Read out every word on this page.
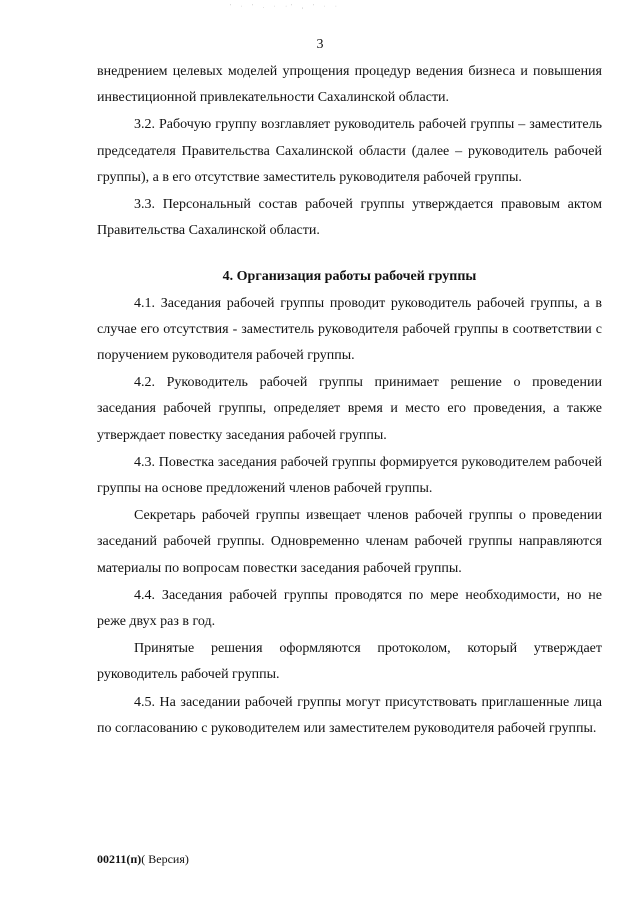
' · ' . · ·' , ' · ·
3

внедрением целевых моделей упрощения процедур ведения бизнеса и повышения инвестиционной привлекательности Сахалинской области.

3.2. Рабочую группу возглавляет руководитель рабочей группы – заместитель председателя Правительства Сахалинской области (далее – руководитель рабочей группы), а в его отсутствие заместитель руководителя рабочей группы.

3.3. Персональный состав рабочей группы утверждается правовым актом Правительства Сахалинской области.

4. Организация работы рабочей группы

4.1. Заседания рабочей группы проводит руководитель рабочей группы, а в случае его отсутствия - заместитель руководителя рабочей группы в соответствии с поручением руководителя рабочей группы.

4.2. Руководитель рабочей группы принимает решение о проведении заседания рабочей группы, определяет время и место его проведения, а также утверждает повестку заседания рабочей группы.

4.3. Повестка заседания рабочей группы формируется руководителем рабочей группы на основе предложений членов рабочей группы.

Секретарь рабочей группы извещает членов рабочей группы о проведении заседаний рабочей группы. Одновременно членам рабочей группы направляются материалы по вопросам повестки заседания рабочей группы.

4.4. Заседания рабочей группы проводятся по мере необходимости, но не реже двух раз в год.

Принятые решения оформляются протоколом, который утверждает руководитель рабочей группы.

4.5. На заседании рабочей группы могут присутствовать приглашенные лица по согласованию с руководителем или заместителем руководителя рабочей группы.

00211(п)( Версия)
